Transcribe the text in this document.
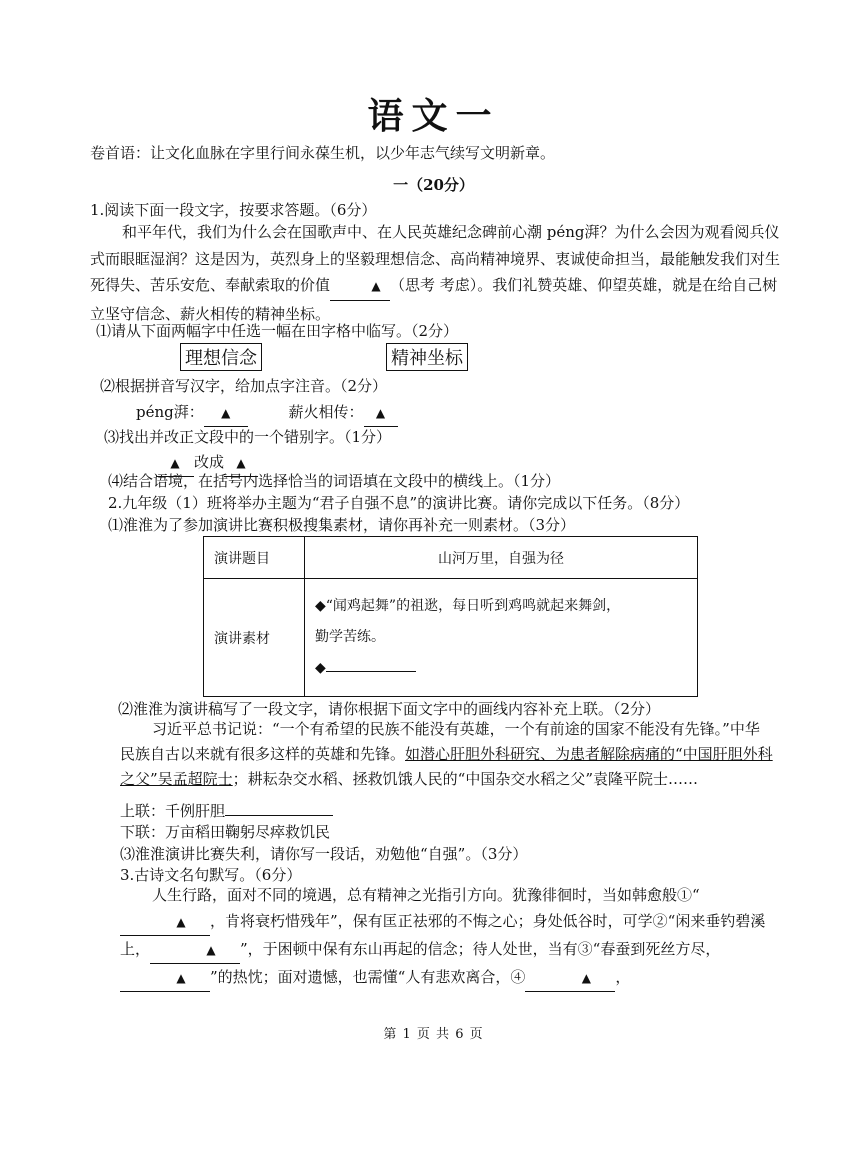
语文一
卷首语：让文化血脉在字里行间永葆生机，以少年志气续写文明新章。
一（20分）
1.阅读下面一段文字，按要求答题。（6分）
和平年代，我们为什么会在国歌声中、在人民英雄纪念碑前心潮 péng湃？为什么会因为观看阅兵仪式而眼眶湿润？这是因为，英烈身上的坚毅理想信念、高尚精神境界、衷诚使命担当，最能触发我们对生死得失、苦乐安危、奉献索取的价值	▲ （思考 考虑）。我们礼赞英雄、仰望英雄，就是在给自己树立坚守信念、薪火相传的精神坐标。
⑴请从下面两幅字中任选一幅在田字格中临写。（2分）
理想信念	精神坐标
⑵根据拼音写汉字，给加点字注音。（2分）
péng湃： ▲	薪火相传： ▲
⑶找出并改正文段中的一个错别字。（1分）
▲ 改成 ▲
⑷结合语境，在括号内选择恰当的词语填在文段中的横线上。（1分）
2.九年级（1）班将举办主题为“君子自强不息”的演讲比赛。请你完成以下任务。（8分）
⑴淮淮为了参加演讲比赛积极搜集素材，请你再补充一则素材。（3分）
演讲题目	山河万里，自强为径
演讲素材	◆“闻鸡起舞”的祖逖，每日听到鸡鸣就起来舞剑，
勤学苦练。
◆
⑵淮淮为演讲稿写了一段文字，请你根据下面文字中的画线内容补充上联。（2分）
习近平总书记说：“一个有希望的民族不能没有英雄，一个有前途的国家不能没有先锋。”中华民族自古以来就有很多这样的英雄和先锋。如潜心肝胆外科研究、为患者解除病痛的“中国肝胆外科之父”吴孟超院士；耕耘杂交水稻、拯救饥饿人民的“中国杂交水稻之父”袁隆平院士……
上联：千例肝胆
下联：万亩稻田鞠躬尽瘁救饥民
⑶淮淮演讲比赛失利，请你写一段话，劝勉他“自强”。（3分）
3.古诗文名句默写。（6分）
人生行路，面对不同的境遇，总有精神之光指引方向。犹豫徘徊时，当如韩愈般①“▲ ，肯将衰朽惜残年”，保有匡正祛邪的不悔之心；身处低谷时，可学②“闲来垂钓碧溪上，	▲ ”，于困顿中保有东山再起的信念；待人处世，当有③“春蚕到死丝方尽，▲ ”的热忱；面对遗憾，也需懂“人有悲欢离合，④	▲ ，
第 1 页 共 6 页
